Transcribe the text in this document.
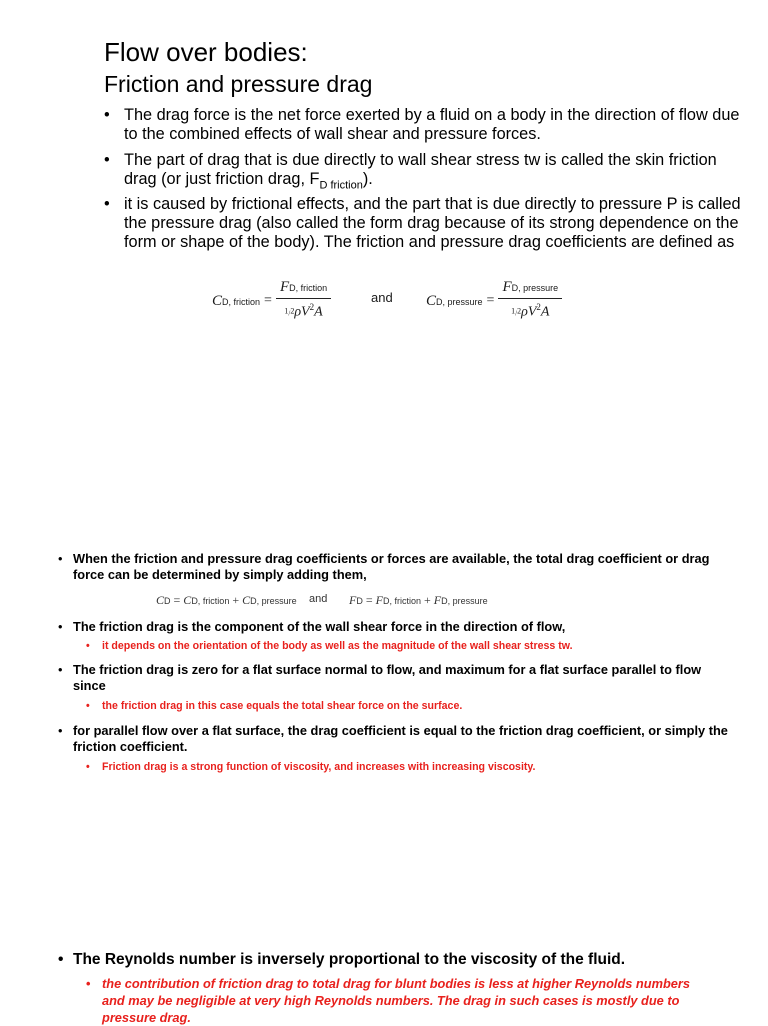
Flow over bodies:
Friction and pressure drag
• The drag force is the net force exerted by a fluid on a body in the direction of flow due to the combined effects of wall shear and pressure forces.
• The part of drag that is due directly to wall shear stress tw is called the skin friction drag (or just friction drag, $F_{D friction}$).
• it is caused by frictional effects, and the part that is due directly to pressure P is called the pressure drag (also called the form drag because of its strong dependence on the form or shape of the body). The friction and pressure drag coefficients are defined as
CD, friction = $\frac{\text{FD, friction}}{1/2\rho V^2A}$	and CD, pressure = $\frac{\text{FD, pressure}}{1/2\rho V^2A}$
• When the friction and pressure drag coefficients or forces are available, the total drag coefficient or drag force can be determined by simply adding them,
CD = CD, friction + CD, pressure and FD = FD, friction + FD, pressure
• The friction drag is the component of the wall shear force in the direction of flow,
• it depends on the orientation of the body as well as the magnitude of the wall shear stress tw.
• The friction drag is zero for a flat surface normal to flow, and maximum for a flat surface parallel to flow since
• the friction drag in this case equals the total shear force on the surface.
• for parallel flow over a flat surface, the drag coefficient is equal to the friction drag coefficient, or simply the friction coefficient.
• Friction drag is a strong function of viscosity, and increases with increasing viscosity.
• The Reynolds number is inversely proportional to the viscosity of the fluid.
• the contribution of friction drag to total drag for blunt bodies is less at higher Reynolds numbers and may be negligible at very high Reynolds numbers. The drag in such cases is mostly due to pressure drag.
